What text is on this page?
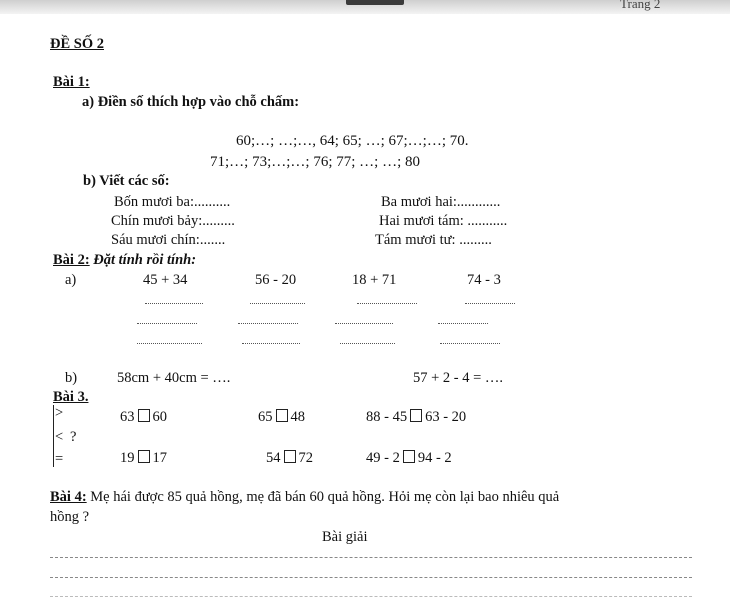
Trang 2
ĐỀ SỐ 2
Bài 1:
a) Điền số thích hợp vào chỗ chấm:
60;…; …;…, 64; 65; …; 67;…;…; 70.
71;…; 73;…;…; 76; 77; …; …; 80
b) Viết các số:
Bốn mươi ba:..........	Ba mươi hai:............
Chín mươi bảy:.........	Hai mươi tám: ...........
Sáu mươi chín:.......	Tám mươi tư: .........
Bài 2: Đặt tính rồi tính:
a)	45 + 34	56 - 20	18 + 71	74 - 3
b)	58cm + 40cm = ….	57 + 2 - 4 = ….
Bài 3.
>
< ?
=
63 60	65 48	88 - 45 63 - 20
19 17	54 72	49 - 2 94 - 2
Bài 4: Mẹ hái được 85 quả hồng, mẹ đã bán 60 quả hồng. Hỏi mẹ còn lại bao nhiêu quả
hồng ?
Bài giải
